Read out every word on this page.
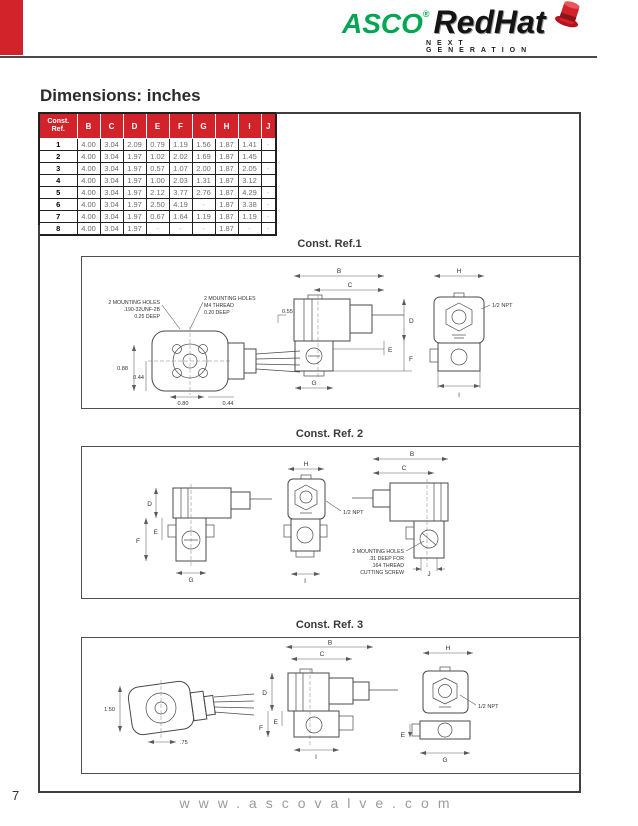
ASCO® RedHat
NEXT GENERATION
Dimensions: inches
Const.
Ref.	B	C	D	E	F	G	H	I	J
1	4.00	3.04	2.09	0.79	1.19	1.56	1.87	1.41	-
2	4.00	3.04	1.97	1.02	2.02	1.69	1.87	1.45	
3	4.00	3.04	1.97	0.57	1.07	2.00	1.87	2.05	-
4	4.00	3.04	1.97	1.00	2.03	1.31	1.87	3.12	
5	4.00	3.04	1.97	2.12	3.77	2.76	1.87	4.29	-
6	4.00	3.04	1.97	2.50	4.19	-	1.87	3.38	-
7	4.00	3.04	1.97	0.67	1.64	1.19	1.87	1.19	-
8	4.00	3.04	1.97	-	-	-	1.87	-	-
Const. Ref.1
2 MOUNTING HOLES
.190-32UNF-2B
0.25 DEEP
2 MOUNTING HOLES
M4 THREAD
0.20 DEEP
0.88
0.44
0.80	0.44
0.55
B
C
D
E
F
G
H
1/2 NPT
I
Const. Ref. 2
D
E
F
G
H
1/2 NPT
I
B
C
2 MOUNTING HOLES
.31 DEEP FOR
.164 THREAD
CUTTING SCREW	J
Const. Ref. 3
1.50
.75
B
C
D
E
F
I
H
1/2 NPT
E
G
7	www.ascovalve.com
